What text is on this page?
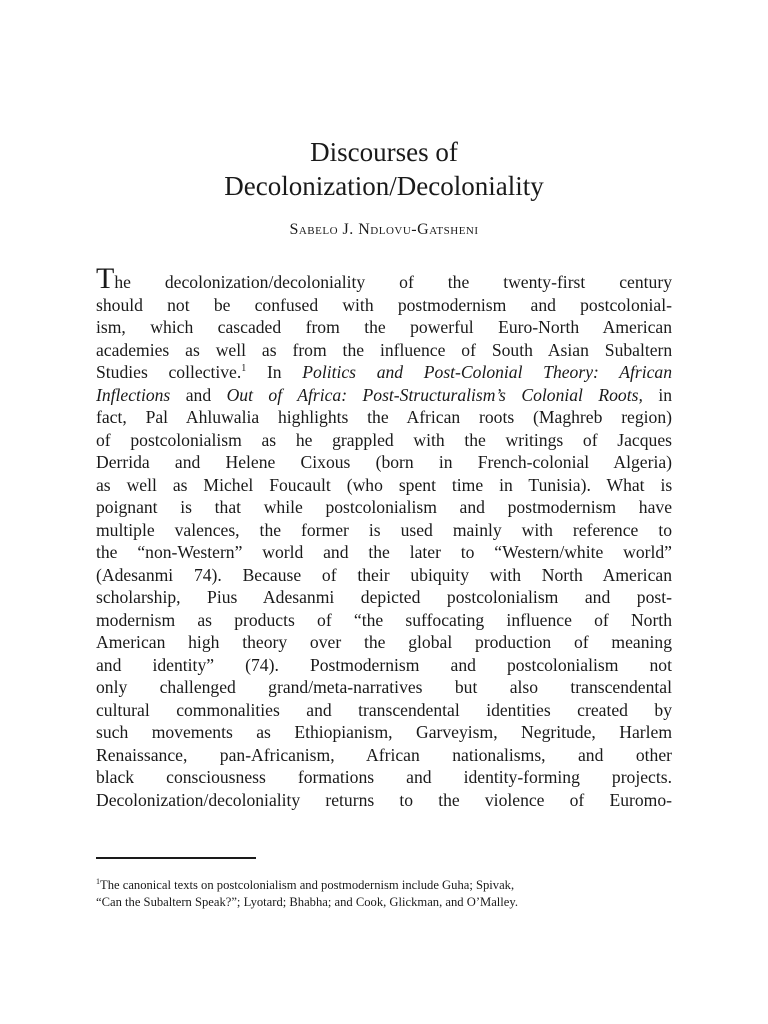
Discourses of
Decolonization/Decoloniality
Sabelo J. Ndlovu-Gatsheni
The decolonization/decoloniality of the twenty-first century
should not be confused with postmodernism and postcolonial-
ism, which cascaded from the powerful Euro-North American
academies as well as from the influence of South Asian Subaltern
Studies collective.$^1$ In Politics and Post-Colonial Theory: African
Inflections and Out of Africa: Post-Structuralism’s Colonial Roots, in
fact, Pal Ahluwalia highlights the African roots (Maghreb region)
of postcolonialism as he grappled with the writings of Jacques
Derrida and Helene Cixous (born in French-colonial Algeria)
as well as Michel Foucault (who spent time in Tunisia). What is
poignant is that while postcolonialism and postmodernism have
multiple valences, the former is used mainly with reference to
the “non-Western” world and the later to “Western/white world”
(Adesanmi 74). Because of their ubiquity with North American
scholarship, Pius Adesanmi depicted postcolonialism and post-
modernism as products of “the suffocating influence of North
American high theory over the global production of meaning
and identity” (74). Postmodernism and postcolonialism not
only challenged grand/meta-narratives but also transcendental
cultural commonalities and transcendental identities created by
such movements as Ethiopianism, Garveyism, Negritude, Harlem
Renaissance, pan-Africanism, African nationalisms, and other
black consciousness formations and identity-forming projects.
Decolonization/decoloniality returns to the violence of Euromo-
$^1$The canonical texts on postcolonialism and postmodernism include Guha; Spivak,
“Can the Subaltern Speak?”; Lyotard; Bhabha; and Cook, Glickman, and O’Malley.
